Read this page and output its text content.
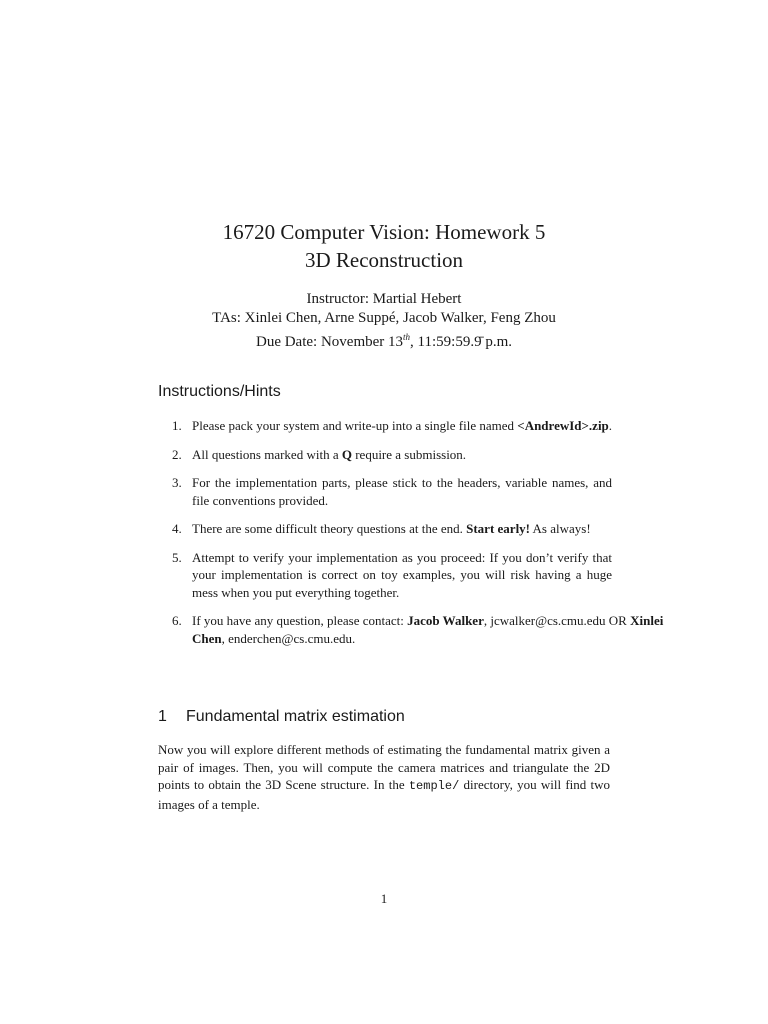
16720 Computer Vision: Homework 5

3D Reconstruction

Instructor: Martial Hebert

TAs: Xinlei Chen, Arne Suppé, Jacob Walker, Feng Zhou

Due Date: November 13th, 11:59:59.9̄ p.m.

Instructions/Hints
1. Please pack your system and write-up into a single file named <AndrewId>.zip.
2. All questions marked with a Q require a submission.
3. For the implementation parts, please stick to the headers, variable names, and file conventions provided.
4. There are some difficult theory questions at the end. Start early! As always!
5. Attempt to verify your implementation as you proceed: If you don’t verify that your implementation is correct on toy examples, you will risk having a huge mess when you put everything together.
6. If you have any question, please contact: Jacob Walker, jcwalker@cs.cmu.edu OR Xinlei Chen, enderchen@cs.cmu.edu.
1 Fundamental matrix estimation

Now you will explore different methods of estimating the fundamental matrix given a pair of images. Then, you will compute the camera matrices and triangulate the 2D points to obtain the 3D Scene structure. In the temple/ directory, you will find two images of a temple.

1
